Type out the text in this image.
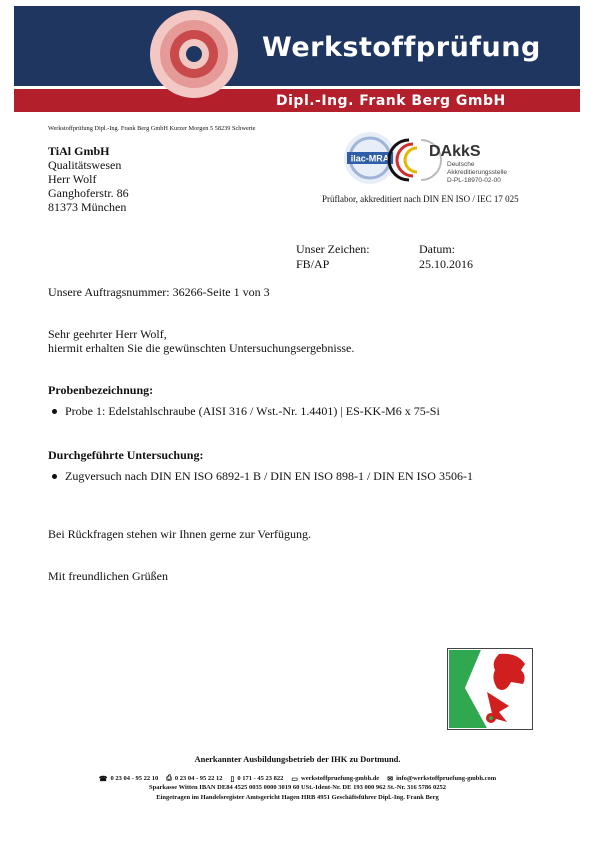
Werkstoffprüfung
Dipl.-Ing. Frank Berg GmbH
Werkstoffprüfung Dipl.-Ing. Frank Berg GmbH Kurzer Morgen 5 58239 Schwerte
TiAl GmbH
Qualitätswesen
Herr Wolf
Ganghoferstr. 86
81373 München
ilac-MRA DAkkS
Deutsche
Akkreditierungsstelle
D-PL-18970-02-00
Prüflabor, akkreditiert nach DIN EN ISO / IEC 17 025
Unser Zeichen:
FB/AP
Datum:
25.10.2016
Unsere Auftragsnummer: 36266-Seite 1 von 3
Sehr geehrter Herr Wolf,
hiermit erhalten Sie die gewünschten Untersuchungsergebnisse.
Probenbezeichnung:
Probe 1: Edelstahlschraube (AISI 316 / Wst.-Nr. 1.4401) | ES-KK-M6 x 75-Si
Durchgeführte Untersuchung:
Zugversuch nach DIN EN ISO 6892-1 B / DIN EN ISO 898-1 / DIN EN ISO 3506-1
Bei Rückfragen stehen wir Ihnen gerne zur Verfügung.
Mit freundlichen Grüßen
Anerkannter Ausbildungsbetrieb der IHK zu Dortmund.
☎ 0 23 04 - 95 22 10 ⎙ 0 23 04 - 95 22 12 ▯ 0 171 - 45 23 822 ▭ werkstoffpruefung-gmbh.de ✉ info@werkstoffpruefung-gmbh.com
Sparkasse Witten IBAN DE84 4525 0035 0000 3019 60 USt.-Ident-Nr. DE 193 000 962 St.-Nr. 316 5786 0252
Eingetragen im Handelsregister Amtsgericht Hagen HRB 4951 Geschäftsführer Dipl.-Ing. Frank Berg
